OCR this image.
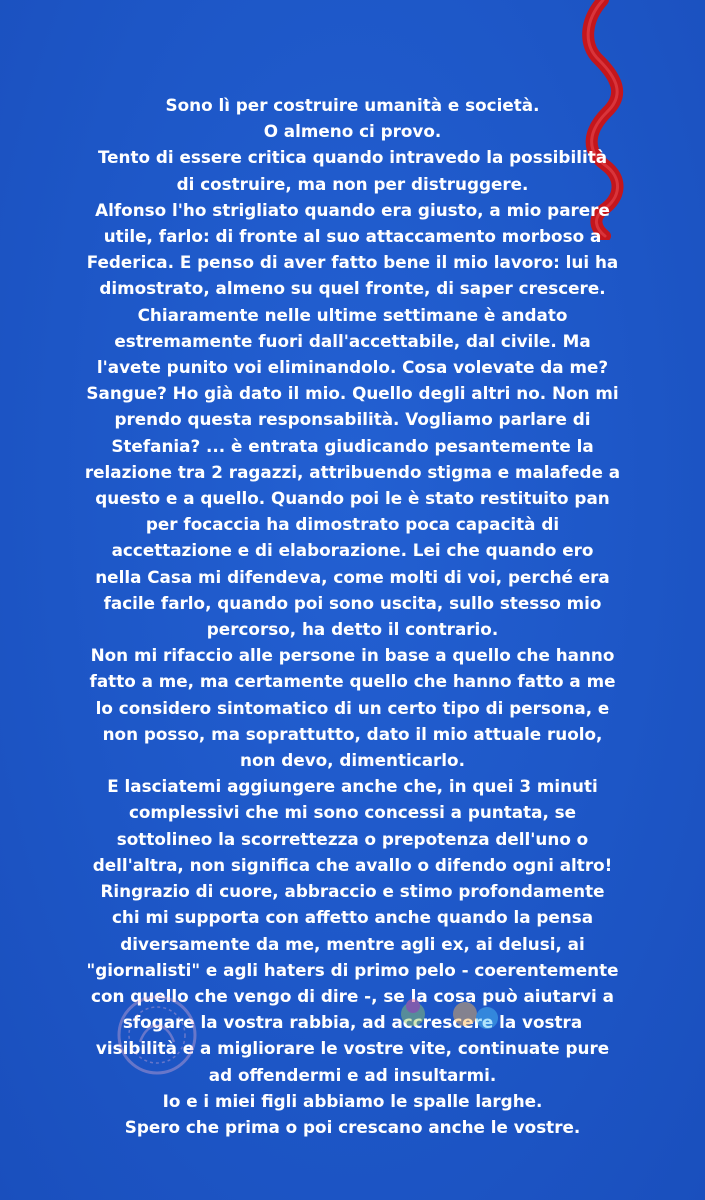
Sono lì per costruire umanità e società.

O almeno ci provo.

Tento di essere critica quando intravedo la possibilità

di costruire, ma non per distruggere.

Alfonso l'ho strigliato quando era giusto, a mio parere

utile, farlo: di fronte al suo attaccamento morboso a

Federica. E penso di aver fatto bene il mio lavoro: lui ha

dimostrato, almeno su quel fronte, di saper crescere.

Chiaramente nelle ultime settimane è andato

estremamente fuori dall'accettabile, dal civile. Ma

l'avete punito voi eliminandolo. Cosa volevate da me?

Sangue? Ho già dato il mio. Quello degli altri no. Non mi

prendo questa responsabilità. Vogliamo parlare di

Stefania? ... è entrata giudicando pesantemente la

relazione tra 2 ragazzi, attribuendo stigma e malafede a

questo e a quello. Quando poi le è stato restituito pan

per focaccia ha dimostrato poca capacità di

accettazione e di elaborazione. Lei che quando ero

nella Casa mi difendeva, come molti di voi, perché era

facile farlo, quando poi sono uscita, sullo stesso mio

percorso, ha detto il contrario.

Non mi rifaccio alle persone in base a quello che hanno

fatto a me, ma certamente quello che hanno fatto a me

lo considero sintomatico di un certo tipo di persona, e

non posso, ma soprattutto, dato il mio attuale ruolo,

non devo, dimenticarlo.

E lasciatemi aggiungere anche che, in quei 3 minuti

complessivi che mi sono concessi a puntata, se

sottolineo la scorrettezza o prepotenza dell'uno o

dell'altra, non significa che avallo o difendo ogni altro!

Ringrazio di cuore, abbraccio e stimo profondamente

chi mi supporta con affetto anche quando la pensa

diversamente da me, mentre agli ex, ai delusi, ai

"giornalisti" e agli haters di primo pelo - coerentemente

con quello che vengo di dire -, se la cosa può aiutarvi a

sfogare la vostra rabbia, ad accrescere la vostra

visibilità e a migliorare le vostre vite, continuate pure

ad offendermi e ad insultarmi.

Io e i miei figli abbiamo le spalle larghe.

Spero che prima o poi crescano anche le vostre.
